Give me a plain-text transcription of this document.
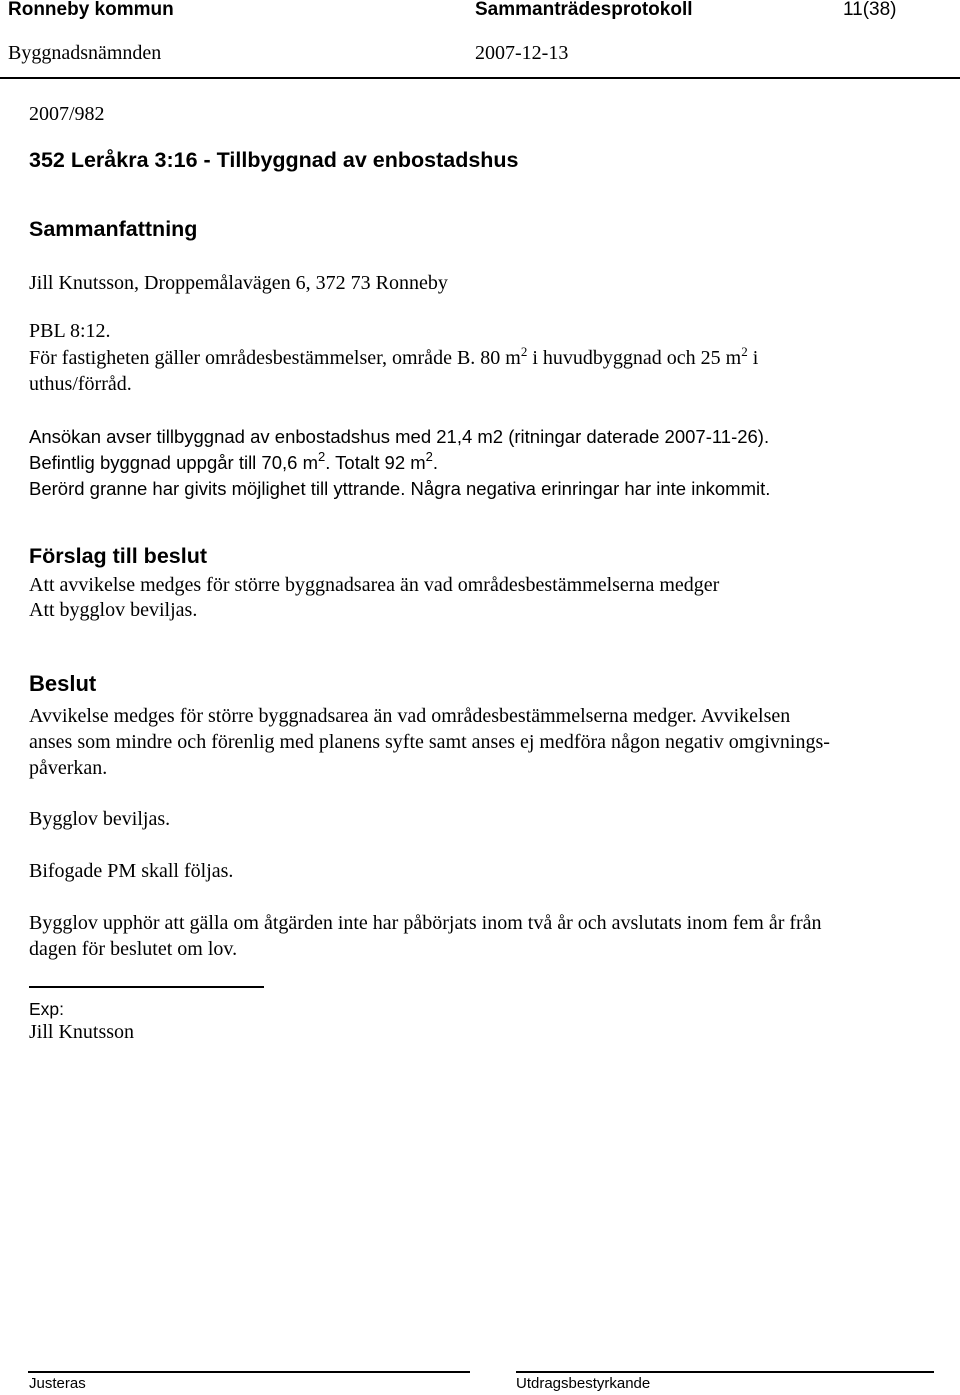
Ronneby kommun	Sammanträdesprotokoll	11(38)
Byggnadsnämnden	2007-12-13
2007/982
352 Leråkra 3:16 - Tillbyggnad av enbostadshus
Sammanfattning
Jill Knutsson, Droppemålavägen 6, 372 73 Ronneby
PBL 8:12.
För fastigheten gäller områdesbestämmelser, område B. 80 $m^2$ i huvudbyggnad och 25 $m^2$ i
uthus/förråd.
Ansökan avser tillbyggnad av enbostadshus med 21,4 m2 (ritningar daterade 2007-11-26).
Befintlig byggnad uppgår till 70,6 $m^2$. Totalt 92 $m^2$.
Berörd granne har givits möjlighet till yttrande. Några negativa erinringar har inte inkommit.
Förslag till beslut
Att avvikelse medges för större byggnadsarea än vad områdesbestämmelserna medger
Att bygglov beviljas.
Beslut
Avvikelse medges för större byggnadsarea än vad områdesbestämmelserna medger. Avvikelsen
anses som mindre och förenlig med planens syfte samt anses ej medföra någon negativ omgivnings-
påverkan.
Bygglov beviljas.
Bifogade PM skall följas.
Bygglov upphör att gälla om åtgärden inte har påbörjats inom två år och avslutats inom fem år från
dagen för beslutet om lov.
Exp:
Jill Knutsson
Justeras	Utdragsbestyrkande
